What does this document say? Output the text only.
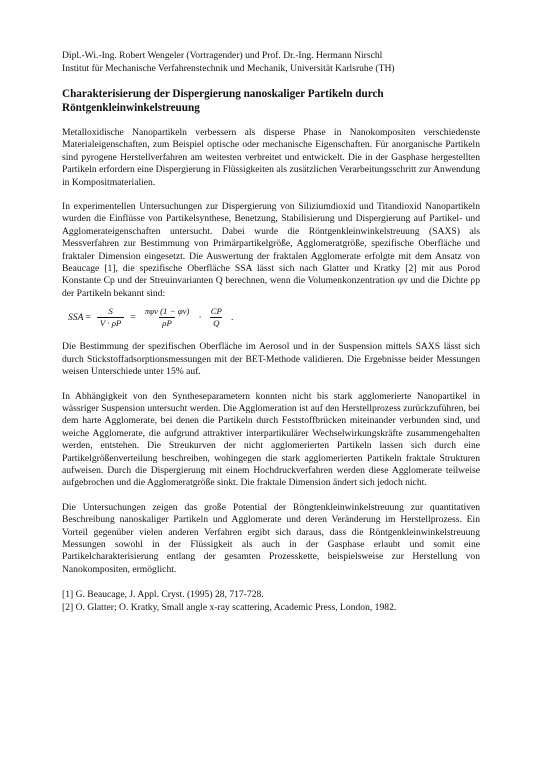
Dipl.-Wi.-Ing. Robert Wengeler (Vortragender) und Prof. Dr.-Ing. Hermann Nirschl
Institut für Mechanische Verfahrenstechnik und Mechanik, Universität Karlsruhe (TH)
Charakterisierung der Dispergierung nanoskaliger Partikeln durch Röntgenkleinwinkelstreuung

Metalloxidische Nanopartikeln verbessern als disperse Phase in Nanokompositen verschiedenste Materialeigenschaften, zum Beispiel optische oder mechanische Eigenschaften. Für anorganische Partikeln sind pyrogene Herstellverfahren am weitesten verbreitet und entwickelt. Die in der Gasphase hergestellten Partikeln erfordern eine Dispergierung in Flüssigkeiten als zusätzlichen Verarbeitungsschritt zur Anwendung in Kompositmaterialien.

In experimentellen Untersuchungen zur Dispergierung von Siliziumdioxid und Titandioxid Nanopartikeln wurden die Einflüsse von Partikelsynthese, Benetzung, Stabilisierung und Dispergierung auf Partikel- und Agglomerateigenschaften untersucht. Dabei wurde die Röntgenkleinwinkelstreuung (SAXS) als Messverfahren zur Bestimmung von Primärpartikelgröße, Agglomeratgröße, spezifische Oberfläche und fraktaler Dimension eingesetzt. Die Auswertung der fraktalen Agglomerate erfolgte mit dem Ansatz von Beaucage [1], die spezifische Oberfläche SSA lässt sich nach Glatter und Kratky [2] mit aus Porod Konstante Cp und der Streuinvarianten Q berechnen, wenn die Volumenkonzentration φv und die Dichte ρp der Partikeln bekannt sind:

SSA = $\frac{S}{V \cdot \rho P} = \frac{\text{πφv (1 − φv)}}{\rho P} \cdot \frac{CP}{Q}$ .

Die Bestimmung der spezifischen Oberfläche im Aerosol und in der Suspension mittels SAXS lässt sich durch Stickstoffadsorptionsmessungen mit der BET-Methode validieren. Die Ergebnisse beider Messungen weisen Unterschiede unter 15% auf.

In Abhängigkeit von den Syntheseparametern konnten nicht bis stark agglomerierte Nanopartikel in wässriger Suspension untersucht werden. Die Agglomeration ist auf den Herstellprozess zurückzuführen, bei dem harte Agglomerate, bei denen die Partikeln durch Feststoffbrücken miteinander verbunden sind, und weiche Agglomerate, die aufgrund attraktiver interpartikulärer Wechselwirkungskräfte zusammengehalten werden, entstehen. Die Streukurven der nicht agglomerierten Partikeln lassen sich durch eine Partikelgrößenverteilung beschreiben, wohingegen die stark agglomerierten Partikeln fraktale Strukturen aufweisen. Durch die Dispergierung mit einem Hochdruckverfahren werden diese Agglomerate teilweise aufgebrochen und die Agglomeratgröße sinkt. Die fraktale Dimension ändert sich jedoch nicht.

Die Untersuchungen zeigen das große Potential der Röngtenkleinwinkelstreuung zur quantitativen Beschreibung nanoskaliger Partikeln und Agglomerate und deren Veränderung im Herstellprozess. Ein Vorteil gegenüber vielen anderen Verfahren ergibt sich daraus, dass die Röntgenkleinwinkelstreuung Messungen sowohl in der Flüssigkeit als auch in der Gasphase erlaubt und somit eine Partikelcharakterisierung entlang der gesamten Prozesskette, beispielsweise zur Herstellung von Nanokompositen, ermöglicht.

[1] G. Beaucage, J. Appl. Cryst. (1995) 28, 717-728.

[2] O. Glatter; O. Kratky, Small angle x-ray scattering, Academic Press, London, 1982.
